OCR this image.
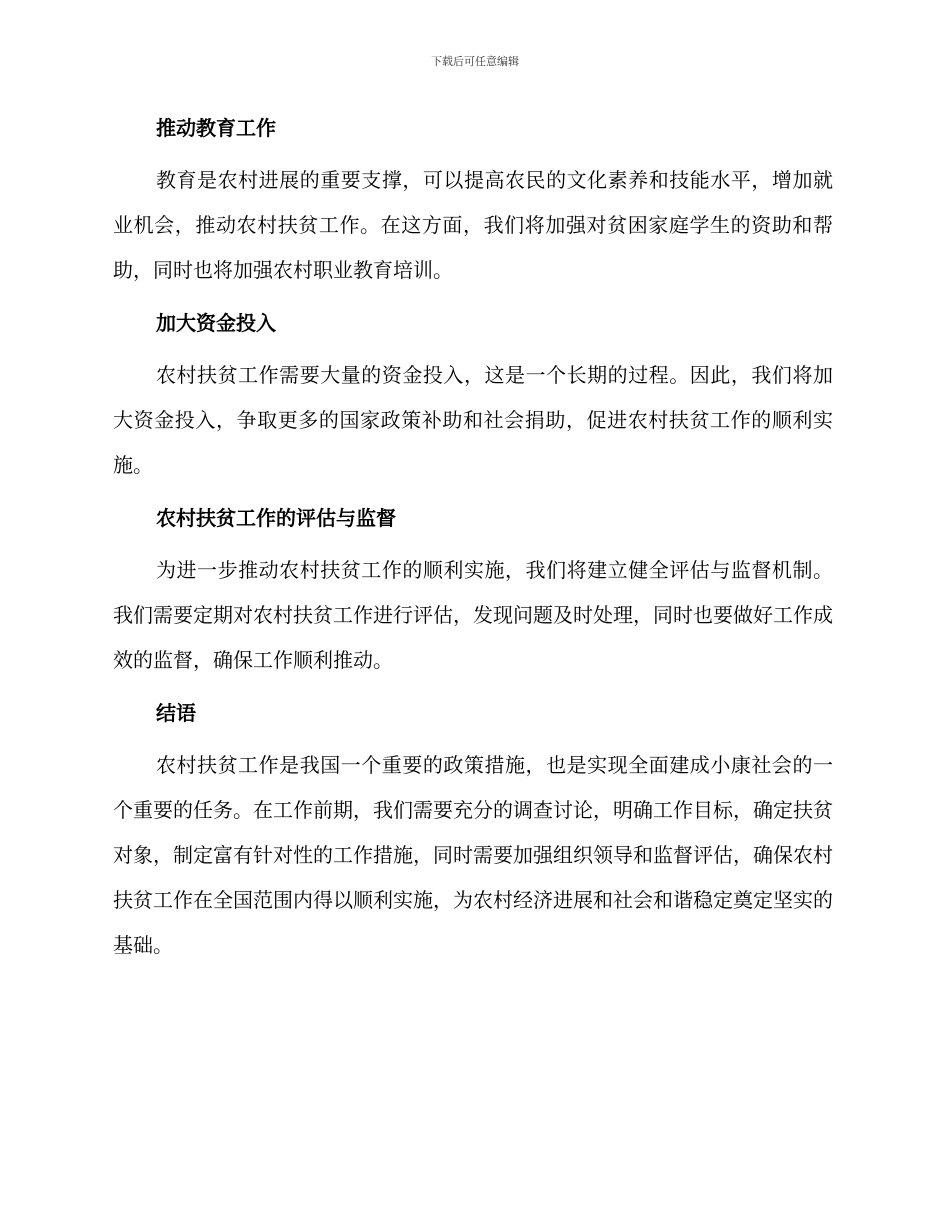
下载后可任意编辑
推动教育工作

教育是农村进展的重要支撑，可以提高农民的文化素养和技能水平，增加就业机会，推动农村扶贫工作。在这方面，我们将加强对贫困家庭学生的资助和帮助，同时也将加强农村职业教育培训。

加大资金投入

农村扶贫工作需要大量的资金投入，这是一个长期的过程。因此，我们将加大资金投入，争取更多的国家政策补助和社会捐助，促进农村扶贫工作的顺利实施。

农村扶贫工作的评估与监督

为进一步推动农村扶贫工作的顺利实施，我们将建立健全评估与监督机制。我们需要定期对农村扶贫工作进行评估，发现问题及时处理，同时也要做好工作成效的监督，确保工作顺利推动。

结语

农村扶贫工作是我国一个重要的政策措施，也是实现全面建成小康社会的一个重要的任务。在工作前期，我们需要充分的调查讨论，明确工作目标，确定扶贫对象，制定富有针对性的工作措施，同时需要加强组织领导和监督评估，确保农村扶贫工作在全国范围内得以顺利实施，为农村经济进展和社会和谐稳定奠定坚实的基础。
